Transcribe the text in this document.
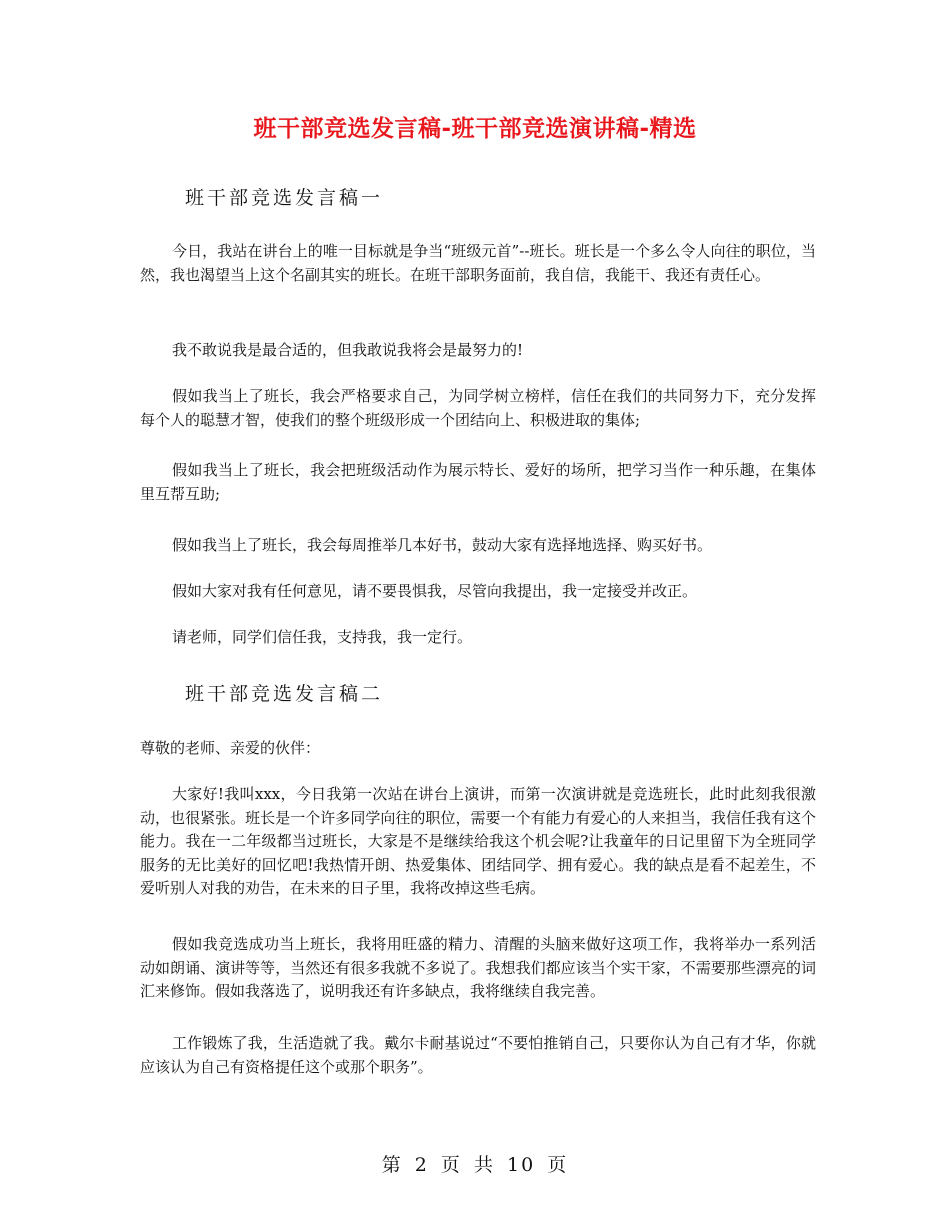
班干部竞选发言稿-班干部竞选演讲稿-精选
班干部竞选发言稿一

今日，我站在讲台上的唯一目标就是争当“班级元首”--班长。班长是一个多么令人向往的职位，当然，我也渴望当上这个名副其实的班长。在班干部职务面前，我自信，我能干、我还有责任心。

我不敢说我是最合适的，但我敢说我将会是最努力的!

假如我当上了班长，我会严格要求自己，为同学树立榜样，信任在我们的共同努力下，充分发挥每个人的聪慧才智，使我们的整个班级形成一个团结向上、积极进取的集体;

假如我当上了班长，我会把班级活动作为展示特长、爱好的场所，把学习当作一种乐趣，在集体里互帮互助;

假如我当上了班长，我会每周推举几本好书，鼓动大家有选择地选择、购买好书。

假如大家对我有任何意见，请不要畏惧我，尽管向我提出，我一定接受并改正。

请老师，同学们信任我，支持我，我一定行。

班干部竞选发言稿二

尊敬的老师、亲爱的伙伴：

大家好!我叫xxx，今日我第一次站在讲台上演讲，而第一次演讲就是竞选班长，此时此刻我很激动，也很紧张。班长是一个许多同学向往的职位，需要一个有能力有爱心的人来担当，我信任我有这个能力。我在一二年级都当过班长，大家是不是继续给我这个机会呢?让我童年的日记里留下为全班同学服务的无比美好的回忆吧!我热情开朗、热爱集体、团结同学、拥有爱心。我的缺点是看不起差生，不爱听别人对我的劝告，在未来的日子里，我将改掉这些毛病。

假如我竞选成功当上班长，我将用旺盛的精力、清醒的头脑来做好这项工作，我将举办一系列活动如朗诵、演讲等等，当然还有很多我就不多说了。我想我们都应该当个实干家，不需要那些漂亮的词汇来修饰。假如我落选了，说明我还有许多缺点，我将继续自我完善。

工作锻炼了我，生活造就了我。戴尔卡耐基说过“不要怕推销自己，只要你认为自己有才华，你就应该认为自己有资格提任这个或那个职务”。

第 2 页 共 10 页
